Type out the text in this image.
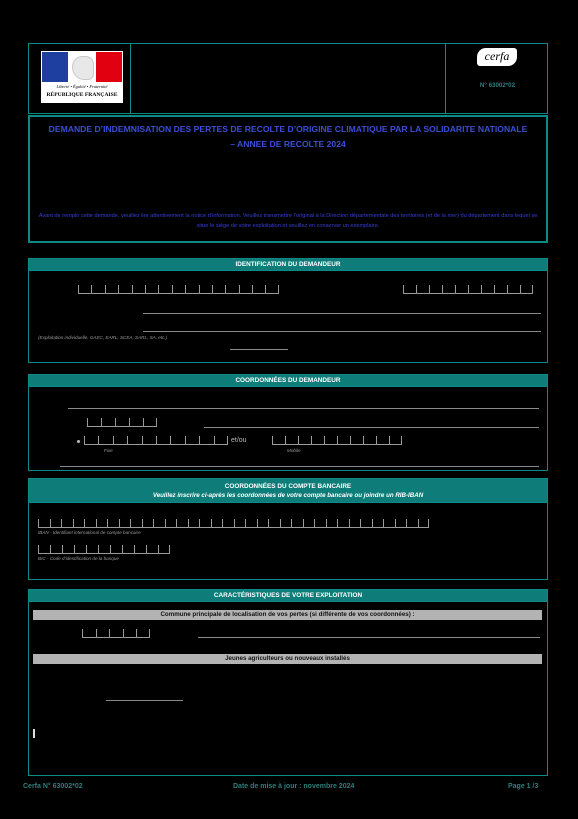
Liberté • Égalité • Fraternité
RÉPUBLIQUE FRANÇAISE
cerfa
N° 63002*02
DEMANDE D’INDEMNISATION DES PERTES DE RECOLTE D’ORIGINE CLIMATIQUE PAR LA SOLIDARITE NATIONALE – ANNEE DE RECOLTE 2024
Avant de remplir cette demande, veuillez lire attentivement la notice d’information. Veuillez transmettre l’original à la Direction départementale des territoires (et de la mer) du département dans lequel se situe le siège de votre exploitation et veuillez en conserver un exemplaire.
IDENTIFICATION DU DEMANDEUR
(Exploitation individuelle, GAEC, EARL, SCEA, SARL, SA, etc.)
COORDONNÉES DU DEMANDEUR
et/ou
Fixe	Mobile
COORDONNÉES DU COMPTE BANCAIRE
Veuillez inscrire ci-après les coordonnées de votre compte bancaire ou joindre un RIB-IBAN
IBAN - Identifiant international de compte bancaire
BIC - Code d’identification de la banque
CARACTÉRISTIQUES DE VOTRE EXPLOITATION
Commune principale de localisation de vos pertes (si différente de vos coordonnées) :
Jeunes agriculteurs ou nouveaux installés
Cerfa N° 63002*02	Date de mise à jour : novembre 2024	Page 1 /3
